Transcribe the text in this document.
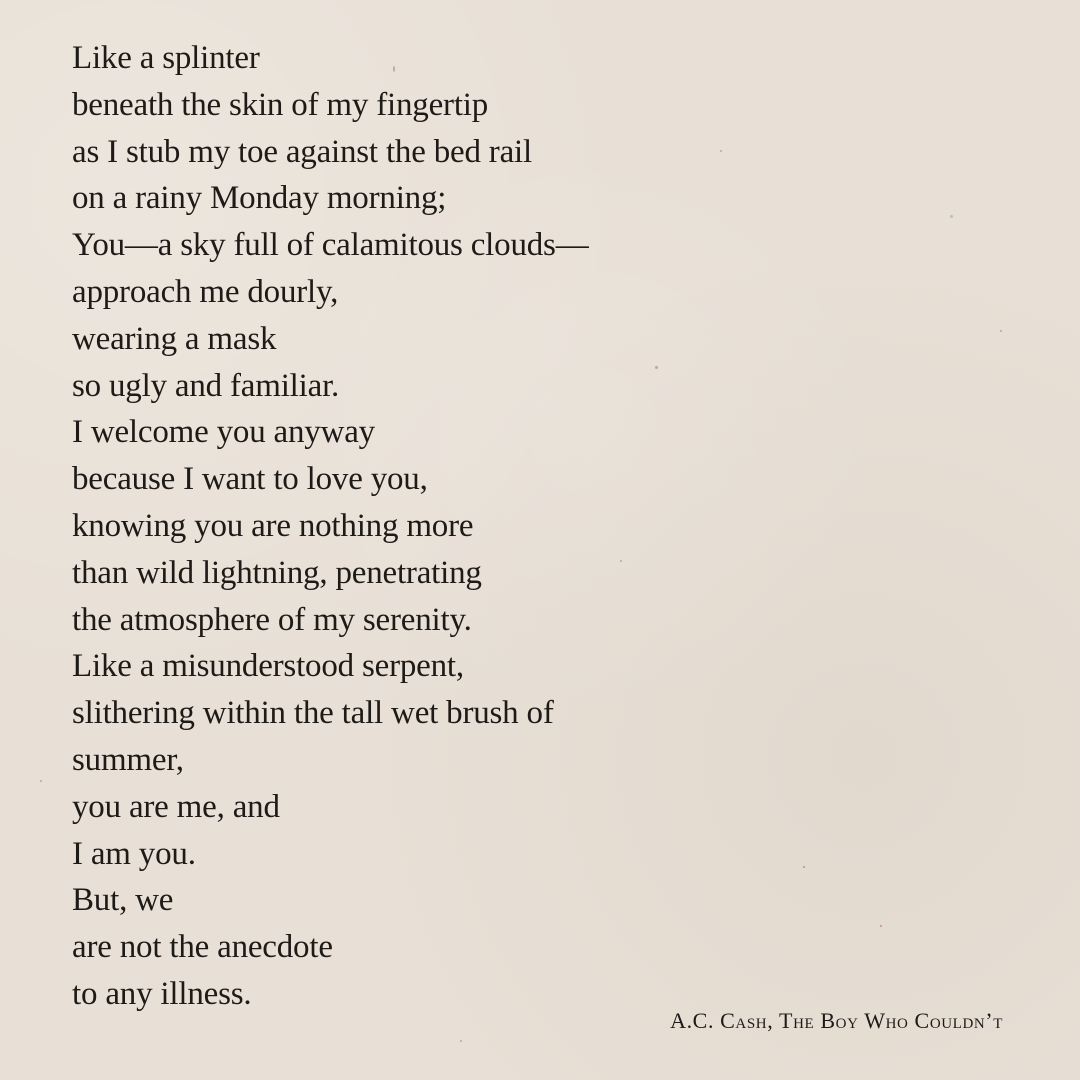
Like a splinter
beneath the skin of my fingertip
as I stub my toe against the bed rail
on a rainy Monday morning;
You—a sky full of calamitous clouds—
approach me dourly,
wearing a mask
so ugly and familiar.
I welcome you anyway
because I want to love you,
knowing you are nothing more
than wild lightning, penetrating
the atmosphere of my serenity.
Like a misunderstood serpent,
slithering within the tall wet brush of
summer,
you are me, and
I am you.
But, we
are not the anecdote
to any illness.
A.C. Cash, The Boy Who Couldn’t
